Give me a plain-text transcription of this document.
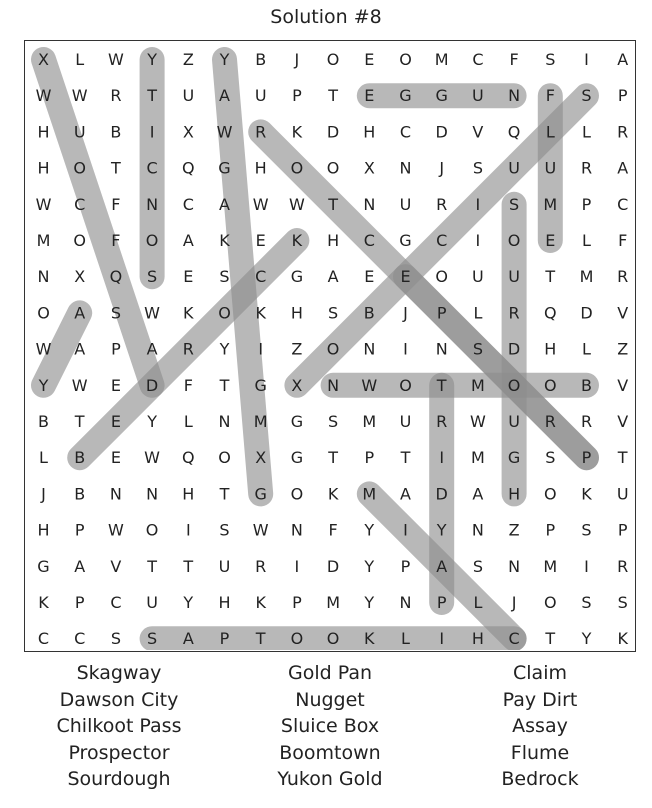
Solution #8
X L W Y Z Y B J O E O M C F S I A
W W R T U A U P T E G G U N F S P
H U B I X W R K D H C D V Q L L R
H O T C Q G H O O X N J S U U R A
W C F N C A W W T N U R I S M P C
M O F O A K E K H C G C I O E L F
N X Q S E S C G A E E O U U T M R
O A S W K O K H S B J P L R Q D V
W A P A R Y I Z O N I N S D H L Z
Y W E D F T G X N W O T M O O B V
B T E Y L N M G S M U R W U R R V
L B E W Q O X G T P T I M G S P T
J B N N H T G O K M A D A H O K U
H P W O I S W N F Y I Y N Z P S P
G A V T T U R I D Y P A S N M I R
K P C U Y H K P M Y N P L J O S S
C C S S A P T O O K L I H C T Y K
Skagway
Dawson City
Chilkoot Pass
Prospector
Sourdough
Gold Pan
Nugget
Sluice Box
Boomtown
Yukon Gold
Claim
Pay Dirt
Assay
Flume
Bedrock
